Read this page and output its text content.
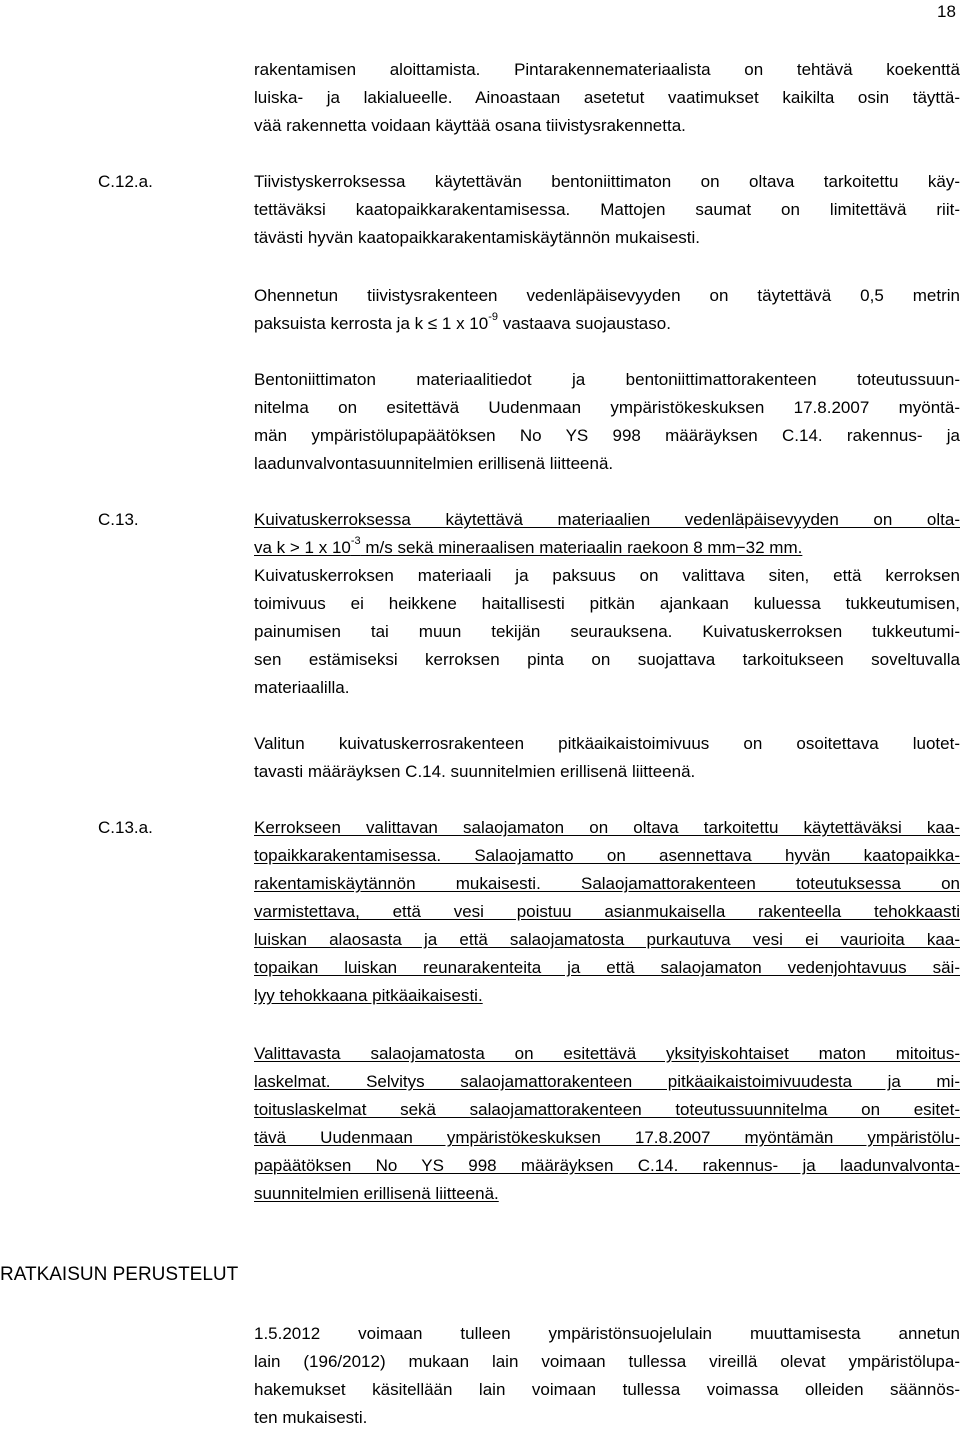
18
rakentamisen aloittamista. Pintarakennemateriaalista on tehtävä koekenttä
luiska- ja lakialueelle. Ainoastaan asetetut vaatimukset kaikilta osin täyttä-
vää rakennetta voidaan käyttää osana tiivistysrakennetta.
C.12.a.	Tiivistyskerroksessa käytettävän bentoniittimaton on oltava tarkoitettu käy-
tettäväksi kaatopaikkarakentamisessa. Mattojen saumat on limitettävä riit-
tävästi hyvän kaatopaikkarakentamiskäytännön mukaisesti.
Ohennetun tiivistysrakenteen vedenläpäisevyyden on täytettävä 0,5 metrin
paksuista kerrosta ja k ≤ 1 x $10^{-9}$ vastaava suojaustaso.
Bentoniittimaton materiaalitiedot ja bentoniittimattorakenteen toteutussuun-
nitelma on esitettävä Uudenmaan ympäristökeskuksen 17.8.2007 myöntä-
män ympäristölupapäätöksen No YS 998 määräyksen C.14. rakennus- ja
laadunvalvontasuunnitelmien erillisenä liitteenä.
C.13.	Kuivatuskerroksessa käytettävä materiaalien vedenläpäisevyyden on olta-
va k > 1 x $10^{-3}$ m/s sekä mineraalisen materiaalin raekoon 8 mm−32 mm.
Kuivatuskerroksen materiaali ja paksuus on valittava siten, että kerroksen
toimivuus ei heikkene haitallisesti pitkän ajankaan kuluessa tukkeutumisen,
painumisen tai muun tekijän seurauksena. Kuivatuskerroksen tukkeutumi-
sen estämiseksi kerroksen pinta on suojattava tarkoitukseen soveltuvalla
materiaalilla.
Valitun kuivatuskerrosrakenteen pitkäaikaistoimivuus on osoitettava luotet-
tavasti määräyksen C.14. suunnitelmien erillisenä liitteenä.
C.13.a.	Kerrokseen valittavan salaojamaton on oltava tarkoitettu käytettäväksi kaa-
topaikkarakentamisessa. Salaojamatto on asennettava hyvän kaatopaikka-
rakentamiskäytännön mukaisesti. Salaojamattorakenteen toteutuksessa on
varmistettava, että vesi poistuu asianmukaisella rakenteella tehokkaasti
luiskan alaosasta ja että salaojamatosta purkautuva vesi ei vaurioita kaa-
topaikan luiskan reunarakenteita ja että salaojamaton vedenjohtavuus säi-
lyy tehokkaana pitkäaikaisesti.
Valittavasta salaojamatosta on esitettävä yksityiskohtaiset maton mitoitus-
laskelmat. Selvitys salaojamattorakenteen pitkäaikaistoimivuudesta ja mi-
toituslaskelmat sekä salaojamattorakenteen toteutussuunnitelma on esitet-
tävä Uudenmaan ympäristökeskuksen 17.8.2007 myöntämän ympäristölu-
papäätöksen No YS 998 määräyksen C.14. rakennus- ja laadunvalvonta-
suunnitelmien erillisenä liitteenä.
RATKAISUN PERUSTELUT
1.5.2012 voimaan tulleen ympäristönsuojelulain muuttamisesta annetun
lain (196/2012) mukaan lain voimaan tullessa vireillä olevat ympäristölupa-
hakemukset käsitellään lain voimaan tullessa voimassa olleiden säännös-
ten mukaisesti.
